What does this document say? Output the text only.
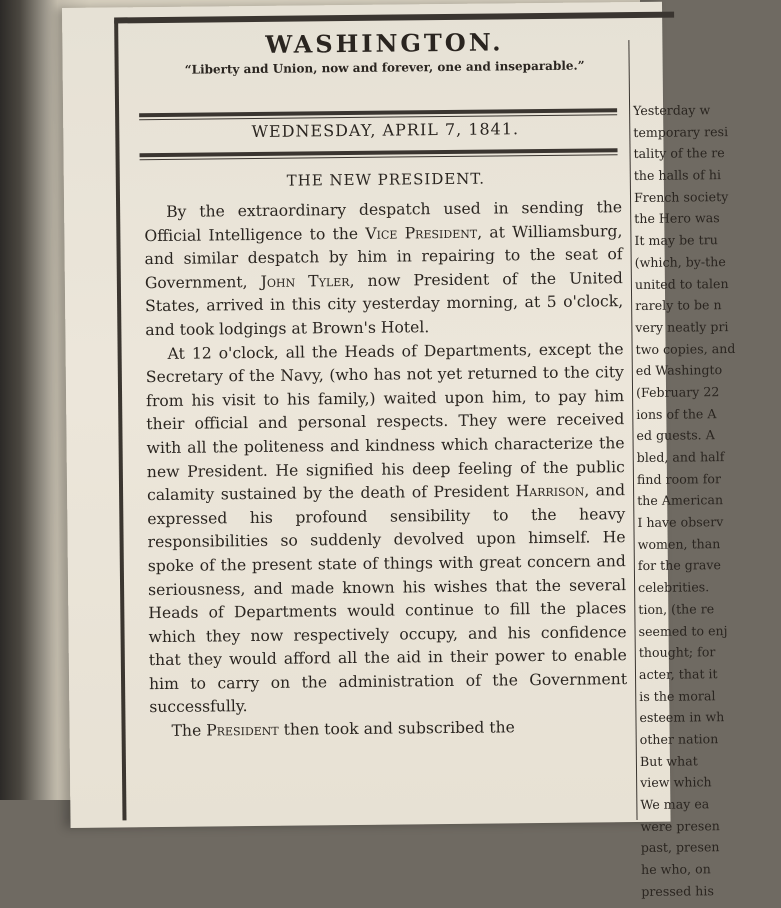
WASHINGTON.
“Liberty and Union, now and forever, one and inseparable.”
WEDNESDAY, APRIL 7, 1841.
THE NEW PRESIDENT.

By the extraordinary despatch used in sending the Official Intelligence to the Vice President, at Williamsburg, and similar despatch by him in repairing to the seat of Government, John Tyler, now President of the United States, arrived in this city yesterday morning, at 5 o'clock, and took lodgings at Brown's Hotel.

At 12 o'clock, all the Heads of Departments, except the Secretary of the Navy, (who has not yet returned to the city from his visit to his family,) waited upon him, to pay him their official and personal respects. They were received with all the politeness and kindness which characterize the new President. He signified his deep feeling of the public calamity sustained by the death of President Harrison, and expressed his profound sensibility to the heavy responsibilities so suddenly devolved upon himself. He spoke of the present state of things with great concern and seriousness, and made known his wishes that the several Heads of Departments would continue to fill the places which they now respectively occupy, and his confidence that they would afford all the aid in their power to enable him to carry on the administration of the Government successfully.

The President then took and subscribed the

Yesterday w
temporary resi
tality of the re
the halls of hi
French society
the Hero was
It may be tru
(which, by-the
united to talen
rarely to be n
very neatly pri
two copies, and
ed Washingto
(February 22
ions of the A
ed guests. A
bled, and half
find room for
the American
I have observ
women, than
for the grave
celebrities.
tion, (the re
seemed to enj
thought; for
acter, that it
is the moral
esteem in wh
other nation
But what
view which
We may ea
were presen
past, presen
he who, on
pressed his
